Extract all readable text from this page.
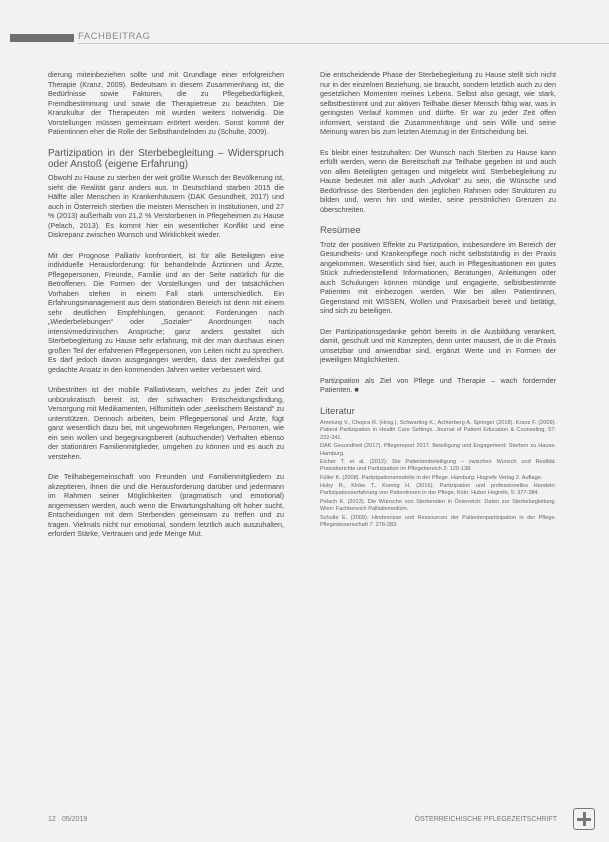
FACHBEITRAG

dierung miteinbeziehen sollte und mit Grundlage einer erfolgreichen Therapie (Kranz, 2009). Bedeutsam in diesem Zusammenhang ist, die Bedürfnisse sowie Faktoren, die zu Pflegebedürftigkeit, Fremdbestimmung und sowie die Therapietreue zu beachten. Die Kranzkultur der Therapeuten mit wurden weiters notwendig. Die Vorstellungen müssen gemeinsam erörtert werden. Sonst kommt der Patientinnen eher die Rolle der Selbsthandelnden zu (Schulte, 2009).

Partizipation in der Sterbebegleitung – Widerspruch oder Anstoß (eigene Erfahrung)

Obwohl zu Hause zu sterben der weit größte Wunsch der Bevölkerung ist, sieht die Realität ganz anders aus. In Deutschland starben 2015 die Hälfte aller Menschen in Krankenhäusern (DAK Gesundheit, 2017) und auch in Österreich sterben die meisten Menschen in Institutionen, und 27 % (2013) außerhalb von 21,2 % Verstorbenen in Pflegeheimen zu Hause (Pelach, 2013). Es kommt hier ein wesentlicher Konflikt und eine Diskrepanz zwischen Wunsch und Wirklichkeit wieder.

Mit der Prognose Palliativ konfrontiert, ist für alle Beteiligten eine individuelle Herausforderung: für behandelnde Ärztinnen und Ärzte, Pflegepersonen, Freunde, Familie und an der Seite natürlich für die Betroffenen. Die Formen der Vorstellungen und der tatsächlichen Vorhaben stehen in einem Fall stark unterschiedlich. Ein Erfahrungsmanagement aus dem stationären Bereich ist denn mit einem sehr deutlichen Empfehlungen, genannt: Forderungen nach „Wiederbelebungen“ oder „Sozialer“ Anordnungen nach intensivmedizinischen Ansprüche; ganz anders gestaltet sich Sterbebegleitung zu Hause sehr erfahrung, mit der man durchaus einen großen Teil der erfahrenen Pflegepersonen, von Leiten nicht zu sprechen. Es darf jedoch davon ausgegangen werden, dass der zweifelsfrei gut gedachte Ansatz in den kommenden Jahren weiter verbessert wird.

Unbestritten ist der mobile Palliativteam, welches zu jeder Zeit und unbürokratisch bereit ist, der schwachen Entscheidungsfindung, Versorgung mit Medikamenten, Hilfsmitteln oder „seelischem Beistand“ zu unterstützen. Dennoch arbeiten, beim Pflegepersonal und Ärzte, fügt ganz wesentlich dazu bei, mit ungewohnten Regelungen, Personen, wie ein sein wollen und begegnungsbereit (aufsuchender) Verhalten ebenso der stationären Familienmitglieder, umgehen zu können und es auch zu verstehen.

Die Teilhabegemeinschaft von Freunden und Familienmitgliedern zu akzeptieren, ihnen die und die Herausforderung darüber und jedermann im Rahmen seiner Möglichkeiten (pragmatisch und emotional) angemessen werden, auch wenn die Erwartungshaltung oft hoher sucht, Entscheidungen mit dem Sterbenden gemeinsam zu treffen und zu tragen. Vielmals nicht nur emotional, sondern letztlich auch auszuhalten, erfordert Stärke, Vertrauen und jede Menge Mut.

Die entscheidende Phase der Sterbebegleitung zu Hause stellt sich nicht nur in der einzelnen Beziehung, sie braucht, sondern letztlich auch zu den gesetzlichen Momenten meines Lebens. Selbst also gesagt, wie stark, selbstbestimmt und zur aktiven Teilhabe dieser Mensch fähig war, was in geringsten Verlauf kommen und dürfte. Er war zu jeder Zeit offen informiert, verstand die Zusammenhänge und sein Wille und seine Meinung waren bis zum letzten Atemzug in der Entscheidung bei.

Es bleibt einer festzuhalten: Der Wunsch nach Sterben zu Hause kann erfüllt werden, wenn die Bereitschaft zur Teilhabe gegeben ist und auch von allen Beteiligten getragen und mitgelebt wird. Sterbebegleitung zu Hause bedeutet mit aller auch „Advokat“ zu sein, die Wünsche und Bedürfnisse des Sterbenden den jeglichen Rahmen oder Strukturen zu bilden und, wenn hin und wieder, seine persönlichen Grenzen zu überschreiten.

Resümee

Trotz der positiven Effekte zu Partizipation, insbesondere im Bereich der Gesundheits- und Krankenpflege noch nicht selbstständig in der Praxis angekommen. Wesentlich sind hier, auch in Pflegesituationen ein gutes Stück zufriedenstellend Informationen, Beratungen, Anleitungen oder auch Schulungen können mündige und engagierte, selbstbestimmte Patienten mit einbezogen werden. Wie bei allen Patientinnen, Gegenstand mit WISSEN, Wollen und Praxisarbeit bereit und betätigt, sind sich zu beteiligen.

Der Partizipationsgedanke gehört bereits in die Ausbildung verankert, damit, geschult und mit Konzepten, denn unter mausert, die in die Praxis umsetzbar und anwendbar sind, ergänzt Werte und in Formen der jeweiligen Möglichkeiten.

Partizipation als Ziel von Pflege und Therapie – wach fordernder Patienten. ■

Literatur
Amelung V., Chopra R. (Hrsg.), Schwarting K., Achterberg A. Springer (2018). Kranz F. (2009). Patient Partizipation in Health Care Settings. Journal of Patient Education & Counseling, 57: 232-241.
DAK Gesundheit (2017). Pflegereport 2017. Beteiligung und Engagement: Sterben zu Hause. Hamburg.
Eicher T. et al. (2012). Die Patientenbeteiligung – zwischen Wunsch und Realität. Praxisberichte und Partizipation im Pflegebereich 2: 120-138.
Füller K. (2008). Partizipationsmodelle in der Pflege. Hamburg: Hogrefe Verlag 2. Auflage.
Huby R., Kloke T., Koenig H. (2016). Partizipation und professionelles Handeln: Partizipationserfahrung von Patientinnen in der Pflege, Köln: Huber Hogrefe, 5: 377-384.
Pelach K. (2013). Die Wünsche von Sterbenden in Österreich: Daten zur Sterbebegleitung. Wien: Fachbereich Palliativmedizin.
Schulte E. (2009). Hindernisse und Ressourcen der Patientenpartizipation in der Pflege. Pflegewissenschaft 7: 278-283.
12 · 05/2019	ÖSTERREICHISCHE PFLEGEZEITSCHRIFT
